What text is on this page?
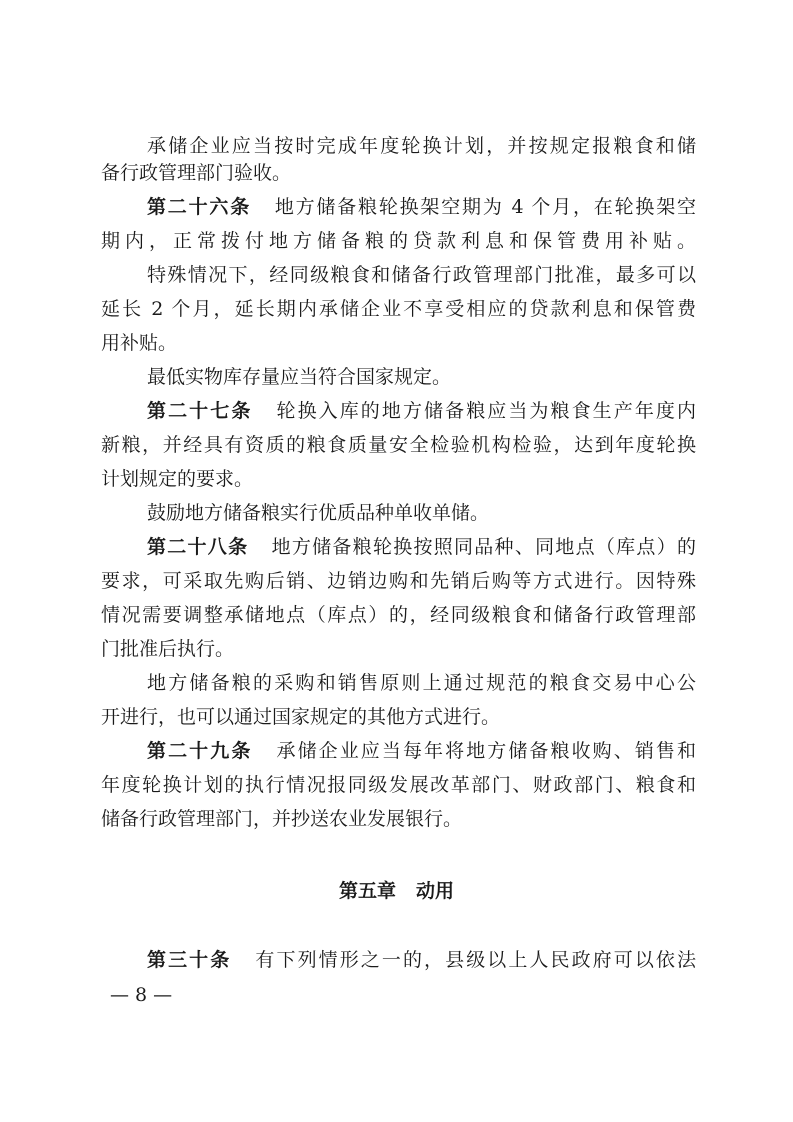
承储企业应当按时完成年度轮换计划，并按规定报粮食和储
备行政管理部门验收。
第二十六条 地方储备粮轮换架空期为 4 个月，在轮换架空
期内，正常拨付地方储备粮的贷款利息和保管费用补贴。
特殊情况下，经同级粮食和储备行政管理部门批准，最多可以
延长 2 个月，延长期内承储企业不享受相应的贷款利息和保管费
用补贴。
最低实物库存量应当符合国家规定。
第二十七条 轮换入库的地方储备粮应当为粮食生产年度内
新粮，并经具有资质的粮食质量安全检验机构检验，达到年度轮换
计划规定的要求。
鼓励地方储备粮实行优质品种单收单储。
第二十八条 地方储备粮轮换按照同品种、同地点（库点）的
要求，可采取先购后销、边销边购和先销后购等方式进行。因特殊
情况需要调整承储地点（库点）的，经同级粮食和储备行政管理部
门批准后执行。
地方储备粮的采购和销售原则上通过规范的粮食交易中心公
开进行，也可以通过国家规定的其他方式进行。
第二十九条 承储企业应当每年将地方储备粮收购、销售和
年度轮换计划的执行情况报同级发展改革部门、财政部门、粮食和
储备行政管理部门，并抄送农业发展银行。
第五章 动用
第三十条 有下列情形之一的，县级以上人民政府可以依法
— 8 —
